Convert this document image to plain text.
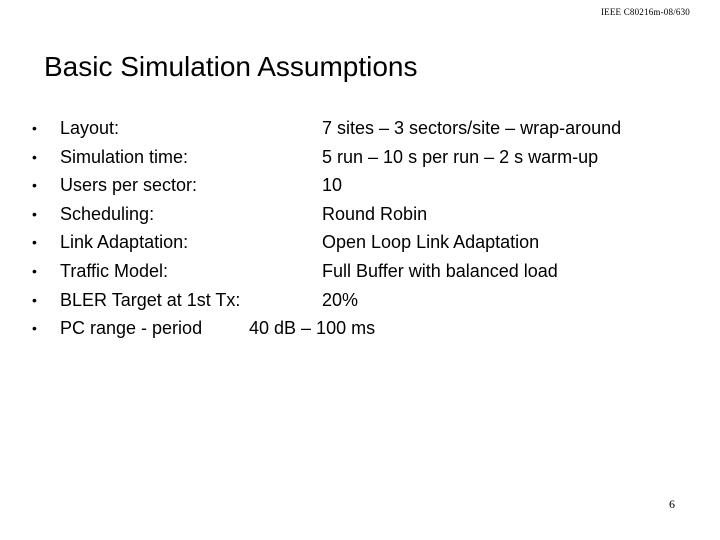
IEEE C80216m-08/630
Basic Simulation Assumptions
• Layout:	7 sites – 3 sectors/site – wrap-around
• Simulation time:	5 run – 10 s per run – 2 s warm-up
• Users per sector:	10
• Scheduling:	Round Robin
• Link Adaptation:	Open Loop Link Adaptation
• Traffic Model:	Full Buffer with balanced load
• BLER Target at 1st Tx:	20%
• PC range - period	40 dB – 100 ms
6
